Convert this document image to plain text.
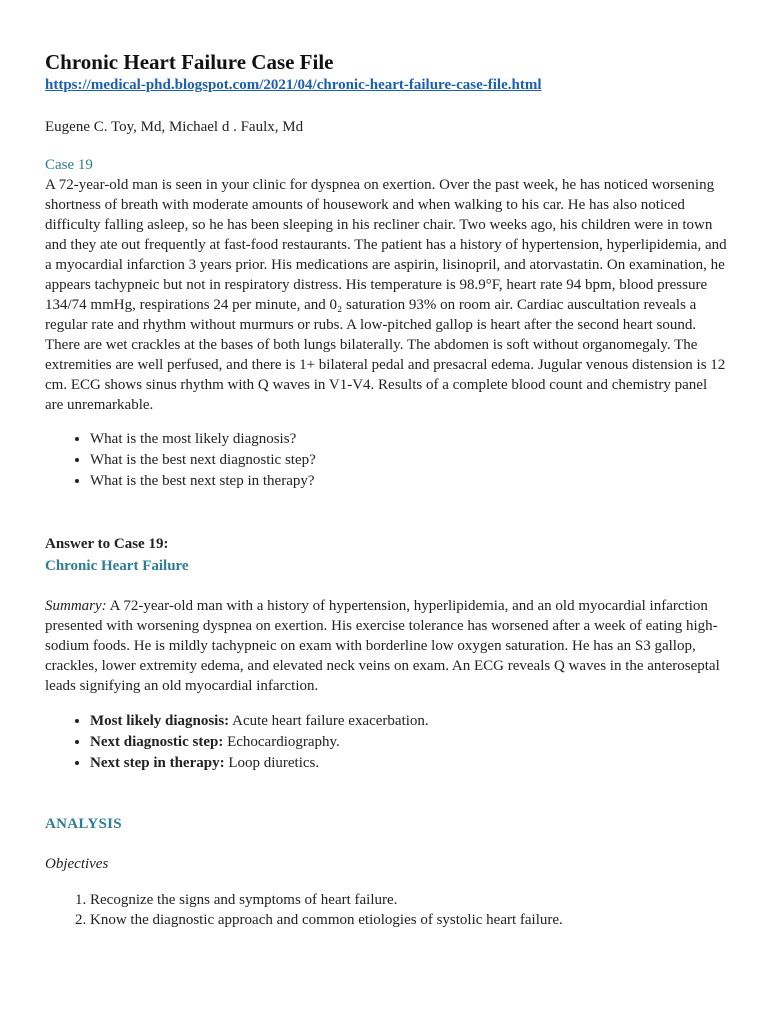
Chronic Heart Failure Case File
https://medical-phd.blogspot.com/2021/04/chronic-heart-failure-case-file.html
Eugene C. Toy, Md, Michael d . Faulx, Md
Case 19

A 72-year-old man is seen in your clinic for dyspnea on exertion. Over the past week, he has noticed worsening shortness of breath with moderate amounts of housework and when walking to his car. He has also noticed difficulty falling asleep, so he has been sleeping in his recliner chair. Two weeks ago, his children were in town and they ate out frequently at fast-food restaurants. The patient has a history of hypertension, hyperlipidemia, and a myocardial infarction 3 years prior. His medications are aspirin, lisinopril, and atorvastatin. On examination, he appears tachypneic but not in respiratory distress. His temperature is 98.9°F, heart rate 94 bpm, blood pressure 134/74 mmHg, respirations 24 per minute, and 0₂ saturation 93% on room air. Cardiac auscultation reveals a regular rate and rhythm without murmurs or rubs. A low-pitched gallop is heart after the second heart sound. There are wet crackles at the bases of both lungs bilaterally. The abdomen is soft without organomegaly. The extremities are well perfused, and there is 1+ bilateral pedal and presacral edema. Jugular venous distension is 12 cm. ECG shows sinus rhythm with Q waves in V1-V4. Results of a complete blood count and chemistry panel are unremarkable.

• What is the most likely diagnosis?
• What is the best next diagnostic step?
• What is the best next step in therapy?
Answer to Case 19:
Chronic Heart Failure

Summary: A 72-year-old man with a history of hypertension, hyperlipidemia, and an old myocardial infarction presented with worsening dyspnea on exertion. His exercise tolerance has worsened after a week of eating high-sodium foods. He is mildly tachypneic on exam with borderline low oxygen saturation. He has an S3 gallop, crackles, lower extremity edema, and elevated neck veins on exam. An ECG reveals Q waves in the anteroseptal leads signifying an old myocardial infarction.

• Most likely diagnosis: Acute heart failure exacerbation.
• Next diagnostic step: Echocardiography.
• Next step in therapy: Loop diuretics.
ANALYSIS
Objectives
1. Recognize the signs and symptoms of heart failure.
2. Know the diagnostic approach and common etiologies of systolic heart failure.
